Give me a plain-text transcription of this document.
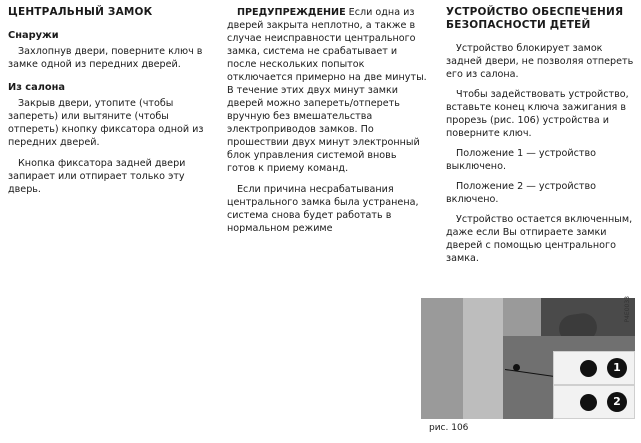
ЦЕНТРАЛЬНЫЙ ЗАМОК
Снаружи
Захлопнув двери, поверните ключ в замке одной из передних дверей.
Из салона
Закрыв двери, утопите (чтобы запереть) или вытяните (чтобы отпереть) кнопку фиксатора одной из передних дверей.
Кнопка фиксатора задней двери запирает или отпирает только эту дверь.
ПРЕДУПРЕЖДЕНИЕ Если одна из дверей закрыта неплотно, а также в случае неисправности центрального замка, система не срабатывает и после нескольких попыток отключается примерно на две минуты. В течение этих двух минут замки дверей можно запереть/отпереть вручную без вмешательства электроприводов замков. По прошествии двух минут электронный блок управления системой вновь готов к приему команд.
Если причина несрабатывания центрального замка была устранена, система снова будет работать в нормальном режиме
УСТРОЙСТВО ОБЕСПЕЧЕНИЯ БЕЗОПАСНОСТИ ДЕТЕЙ
Устройство блокирует замок задней двери, не позволяя отпереть его из салона.
Чтобы задействовать устройство, вставьте конец ключа зажигания в прорезь (рис. 106) устройства и поверните ключ.
Положение 1 — устройство выключено.
Положение 2 — устройство включено.
Устройство остается включенным, даже если Вы отпираете замки дверей с помощью центрального замка.
1
2
P4E0033
рис. 106
